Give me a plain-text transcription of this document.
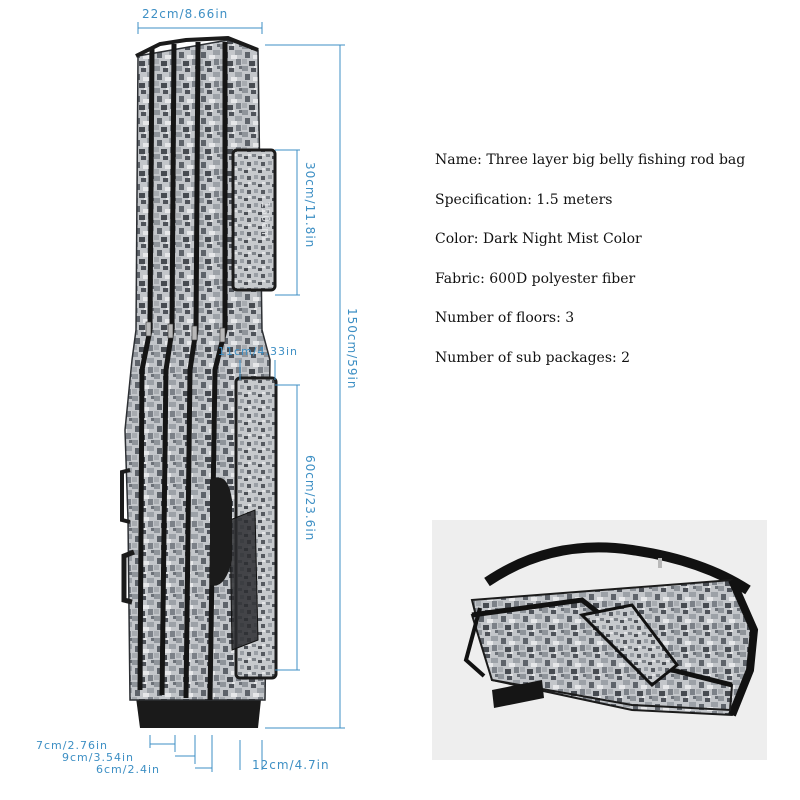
150cm
22cm/8.66in
30cm/11.8in
11cm/4.33in	150cm/59in
60cm/23.6in
7cm/2.76in
9cm/3.54in
6cm/2.4in	12cm/4.7in
Name: Three layer big belly fishing rod bag
Specification: 1.5 meters
Color: Dark Night Mist Color
Fabric: 600D polyester fiber
Number of floors: 3
Number of sub packages: 2
